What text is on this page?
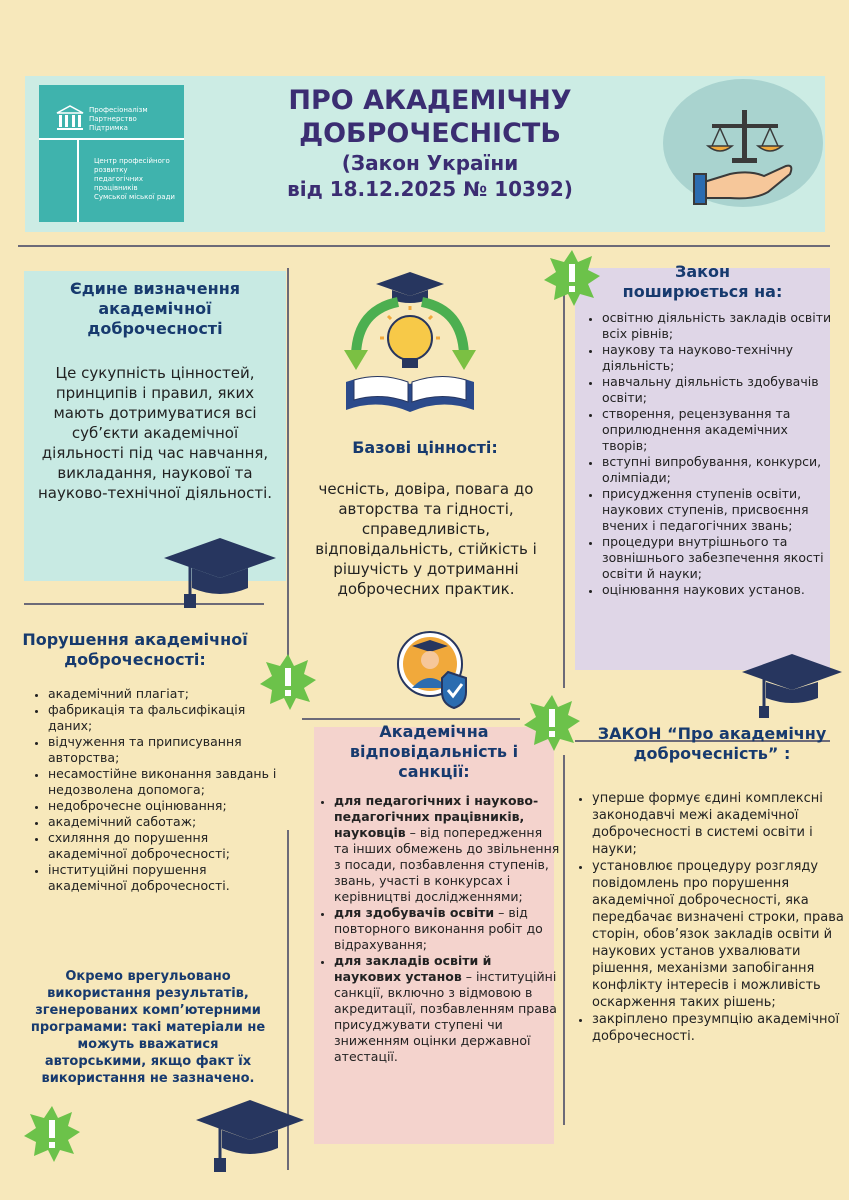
Професіоналізм
Партнерство
Підтримка
Центр професійного розвитку
педагогічних працівників
Сумської міської ради
ПРО АКАДЕМІЧНУ
ДОБРОЧЕСНІСТЬ
(Закон України
від 18.12.2025 № 10392)
Єдине визначення академічної доброчесності
Це сукупність цінностей, принципів і правил, яких мають дотримуватися всі суб’єкти академічної діяльності під час навчання, викладання, наукової та науково-технічної діяльності.
Базові цінності:
чесність, довіра, повага до авторства та гідності, справедливість, відповідальність, стійкість і рішучість у дотриманні доброчесних практик.
Закон
поширюється на:
• освітню діяльність закладів освіти всіх рівнів;
• наукову та науково-технічну діяльність;
• навчальну діяльність здобувачів освіти;
• створення, рецензування та оприлюднення академічних творів;
• вступні випробування, конкурси, олімпіади;
• присудження ступенів освіти, наукових ступенів, присвоєння вчених і педагогічних звань;
• процедури внутрішнього та зовнішнього забезпечення якості освіти й науки;
• оцінювання наукових установ.
Порушення академічної доброчесності:
• академічний плагіат;
• фабрикація та фальсифікація даних;
• відчуження та приписування авторства;
• несамостійне виконання завдань і недозволена допомога;
• недоброчесне оцінювання;
• академічний саботаж;
• схиляння до порушення академічної доброчесності;
• інституційні порушення академічної доброчесності.
Окремо врегульовано використання результатів, згенерованих комп’ютерними програмами: такі матеріали не можуть вважатися авторськими, якщо факт їх використання не зазначено.
Академічна відповідальність і санкції:
• для педагогічних і науково-педагогічних працівників, науковців – від попередження та інших обмежень до звільнення з посади, позбавлення ступенів, звань, участі в конкурсах і керівництві дослідженнями;
• для здобувачів освіти – від повторного виконання робіт до відрахування;
• для закладів освіти й наукових установ – інституційні санкції, включно з відмовою в акредитації, позбавленням права присуджувати ступені чи зниженням оцінки державної атестації.
ЗАКОН “Про академічну доброчесність” :
• уперше формує єдині комплексні законодавчі межі академічної доброчесності в системі освіти і науки;
• установлює процедуру розгляду повідомлень про порушення академічної доброчесності, яка передбачає визначені строки, права сторін, обов’язок закладів освіти й наукових установ ухвалювати рішення, механізми запобігання конфлікту інтересів і можливість оскарження таких рішень;
• закріплено презумпцію академічної доброчесності.
